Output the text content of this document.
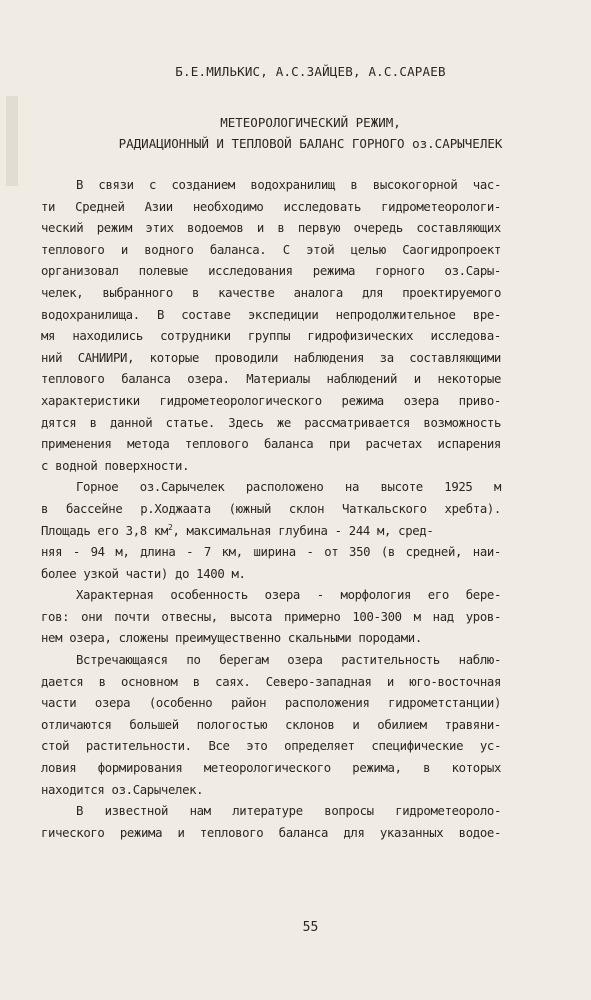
Б.Е.МИЛЬКИС, А.С.ЗАЙЦЕВ, А.С.САРАЕВ
МЕТЕОРОЛОГИЧЕСКИЙ РЕЖИМ,
РАДИАЦИОННЫЙ И ТЕПЛОВОЙ БАЛАНС ГОРНОГО оз.САРЫЧЕЛЕК
В связи с созданием водохранилищ в высокогорной час-
ти Средней Азии необходимо исследовать гидрометеорологи-
ческий режим этих водоемов и в первую очередь составляющих
теплового и водного баланса. С этой целью Саогидропроект
организовал полевые исследования режима горного оз.Сары-
челек, выбранного в качестве аналога для проектируемого
водохранилища. В составе экспедиции непродолжительное вре-
мя находились сотрудники группы гидрофизических исследова-
ний САНИИРИ, которые проводили наблюдения за составляющими
теплового баланса озера. Материалы наблюдений и некоторые
характеристики гидрометеорологического режима озера приво-
дятся в данной статье. Здесь же рассматривается возможность
применения метода теплового баланса при расчетах испарения
с водной поверхности.
Горное оз.Сарычелек расположено на высоте 1925 м
в бассейне р.Ходжаата (южный склон Чаткальского хребта).
Площадь его 3,8 $км^2$, максимальная глубина - 244 м, сред-
няя - 94 м, длина - 7 км, ширина - от 350 (в средней, наи-
более узкой части) до 1400 м.
Характерная особенность озера - морфология его бере-
гов: они почти отвесны, высота примерно 100-300 м над уров-
нем озера, сложены преимущественно скальными породами.
Встречающаяся по берегам озера растительность наблю-
дается в основном в саях. Северо-западная и юго-восточная
части озера (особенно район расположения гидрометстанции)
отличаются большей пологостью склонов и обилием травяни-
стой растительности. Все это определяет специфические ус-
ловия формирования метеорологического режима, в которых
находится оз.Сарычелек.
В известной нам литературе вопросы гидрометеороло-
гического режима и теплового баланса для указанных водое-
55
